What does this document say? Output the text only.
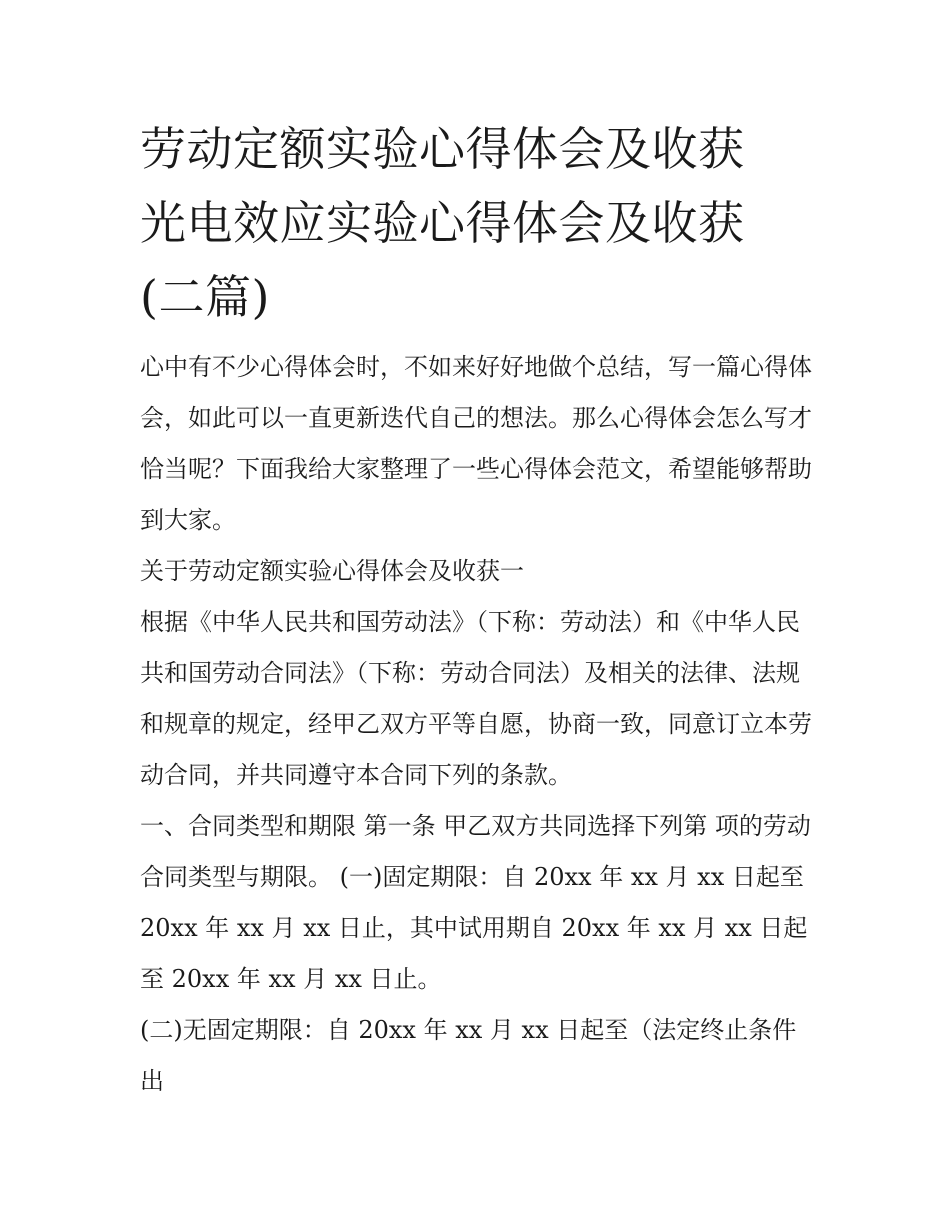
劳动定额实验心得体会及收获
光电效应实验心得体会及收获
(二篇)

心中有不少心得体会时，不如来好好地做个总结，写一篇心得体会，如此可以一直更新迭代自己的想法。那么心得体会怎么写才恰当呢？下面我给大家整理了一些心得体会范文，希望能够帮助到大家。

关于劳动定额实验心得体会及收获一

根据《中华人民共和国劳动法》（下称：劳动法）和《中华人民共和国劳动合同法》（下称：劳动合同法）及相关的法律、法规和规章的规定，经甲乙双方平等自愿，协商一致，同意订立本劳动合同，并共同遵守本合同下列的条款。

一、合同类型和期限 第一条 甲乙双方共同选择下列第 项的劳动合同类型与期限。 (一)固定期限：自 20xx 年 xx 月 xx 日起至

20xx 年 xx 月 xx 日止，其中试用期自 20xx 年 xx 月 xx 日起至 20xx 年 xx 月 xx 日止。

(二)无固定期限：自 20xx 年 xx 月 xx 日起至（法定终止条件出
